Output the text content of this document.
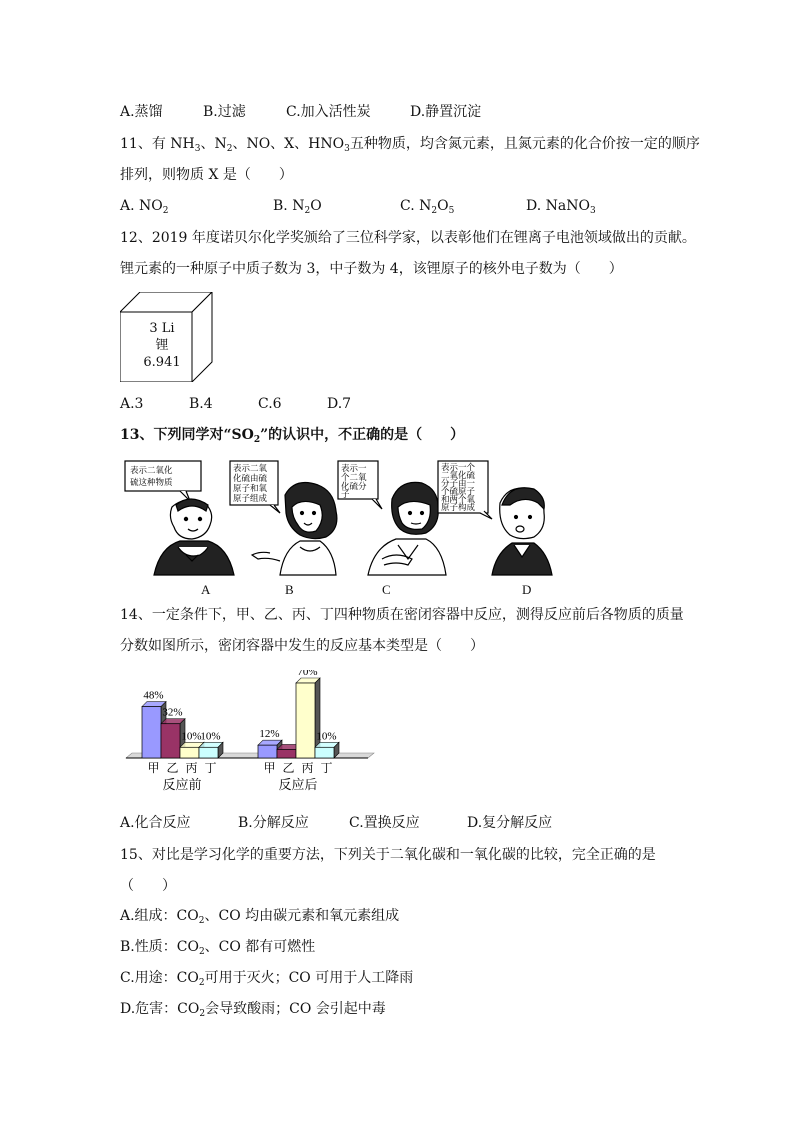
A.蒸馏	B.过滤	C.加入活性炭	D.静置沉淀
11、有 $NH_3$、$N_2$、NO、X、$HNO_3$五种物质，均含氮元素，且氮元素的化合价按一定的顺序
排列，则物质 X 是（　　）
A. $NO_2$	B. $N_2O$	C. $N_2O_5$	D. NaNO$_3$
12、2019 年度诺贝尔化学奖颁给了三位科学家，以表彰他们在锂离子电池领域做出的贡献。
锂元素的一种原子中质子数为 3，中子数为 4，该锂原子的核外电子数为（　　）
3 Li
锂
6.941
A.3	B.4	C.6	D.7
13、下列同学对“$SO_2$”的认识中，不正确的是（　　）
表示二氧化
硫这种物质
表示二氧
化硫由硫
原子和氧
原子组成
表示一
个二氧
化硫分
子
表示一个
二氧化硫
分子由一
个硫原子
和两个氧
原子构成
A	B	C	D
14、一定条件下，甲、乙、丙、丁四种物质在密闭容器中反应，测得反应前后各物质的质量
分数如图所示，密闭容器中发生的反应基本类型是（　　）
48%
甲
32%
乙
10%
丙
10%
丁
反应前
12%
甲 乙
70%
丙
10%
丁
反应后
A.化合反应	B.分解反应	C.置换反应	D.复分解反应
15、对比是学习化学的重要方法，下列关于二氧化碳和一氧化碳的比较，完全正确的是
（　　）
A.组成：$CO_2$、CO 均由碳元素和氧元素组成
B.性质：$CO_2$、CO 都有可燃性
C.用途：$CO_2$可用于灭火；CO 可用于人工降雨
D.危害：$CO_2$会导致酸雨；CO 会引起中毒
